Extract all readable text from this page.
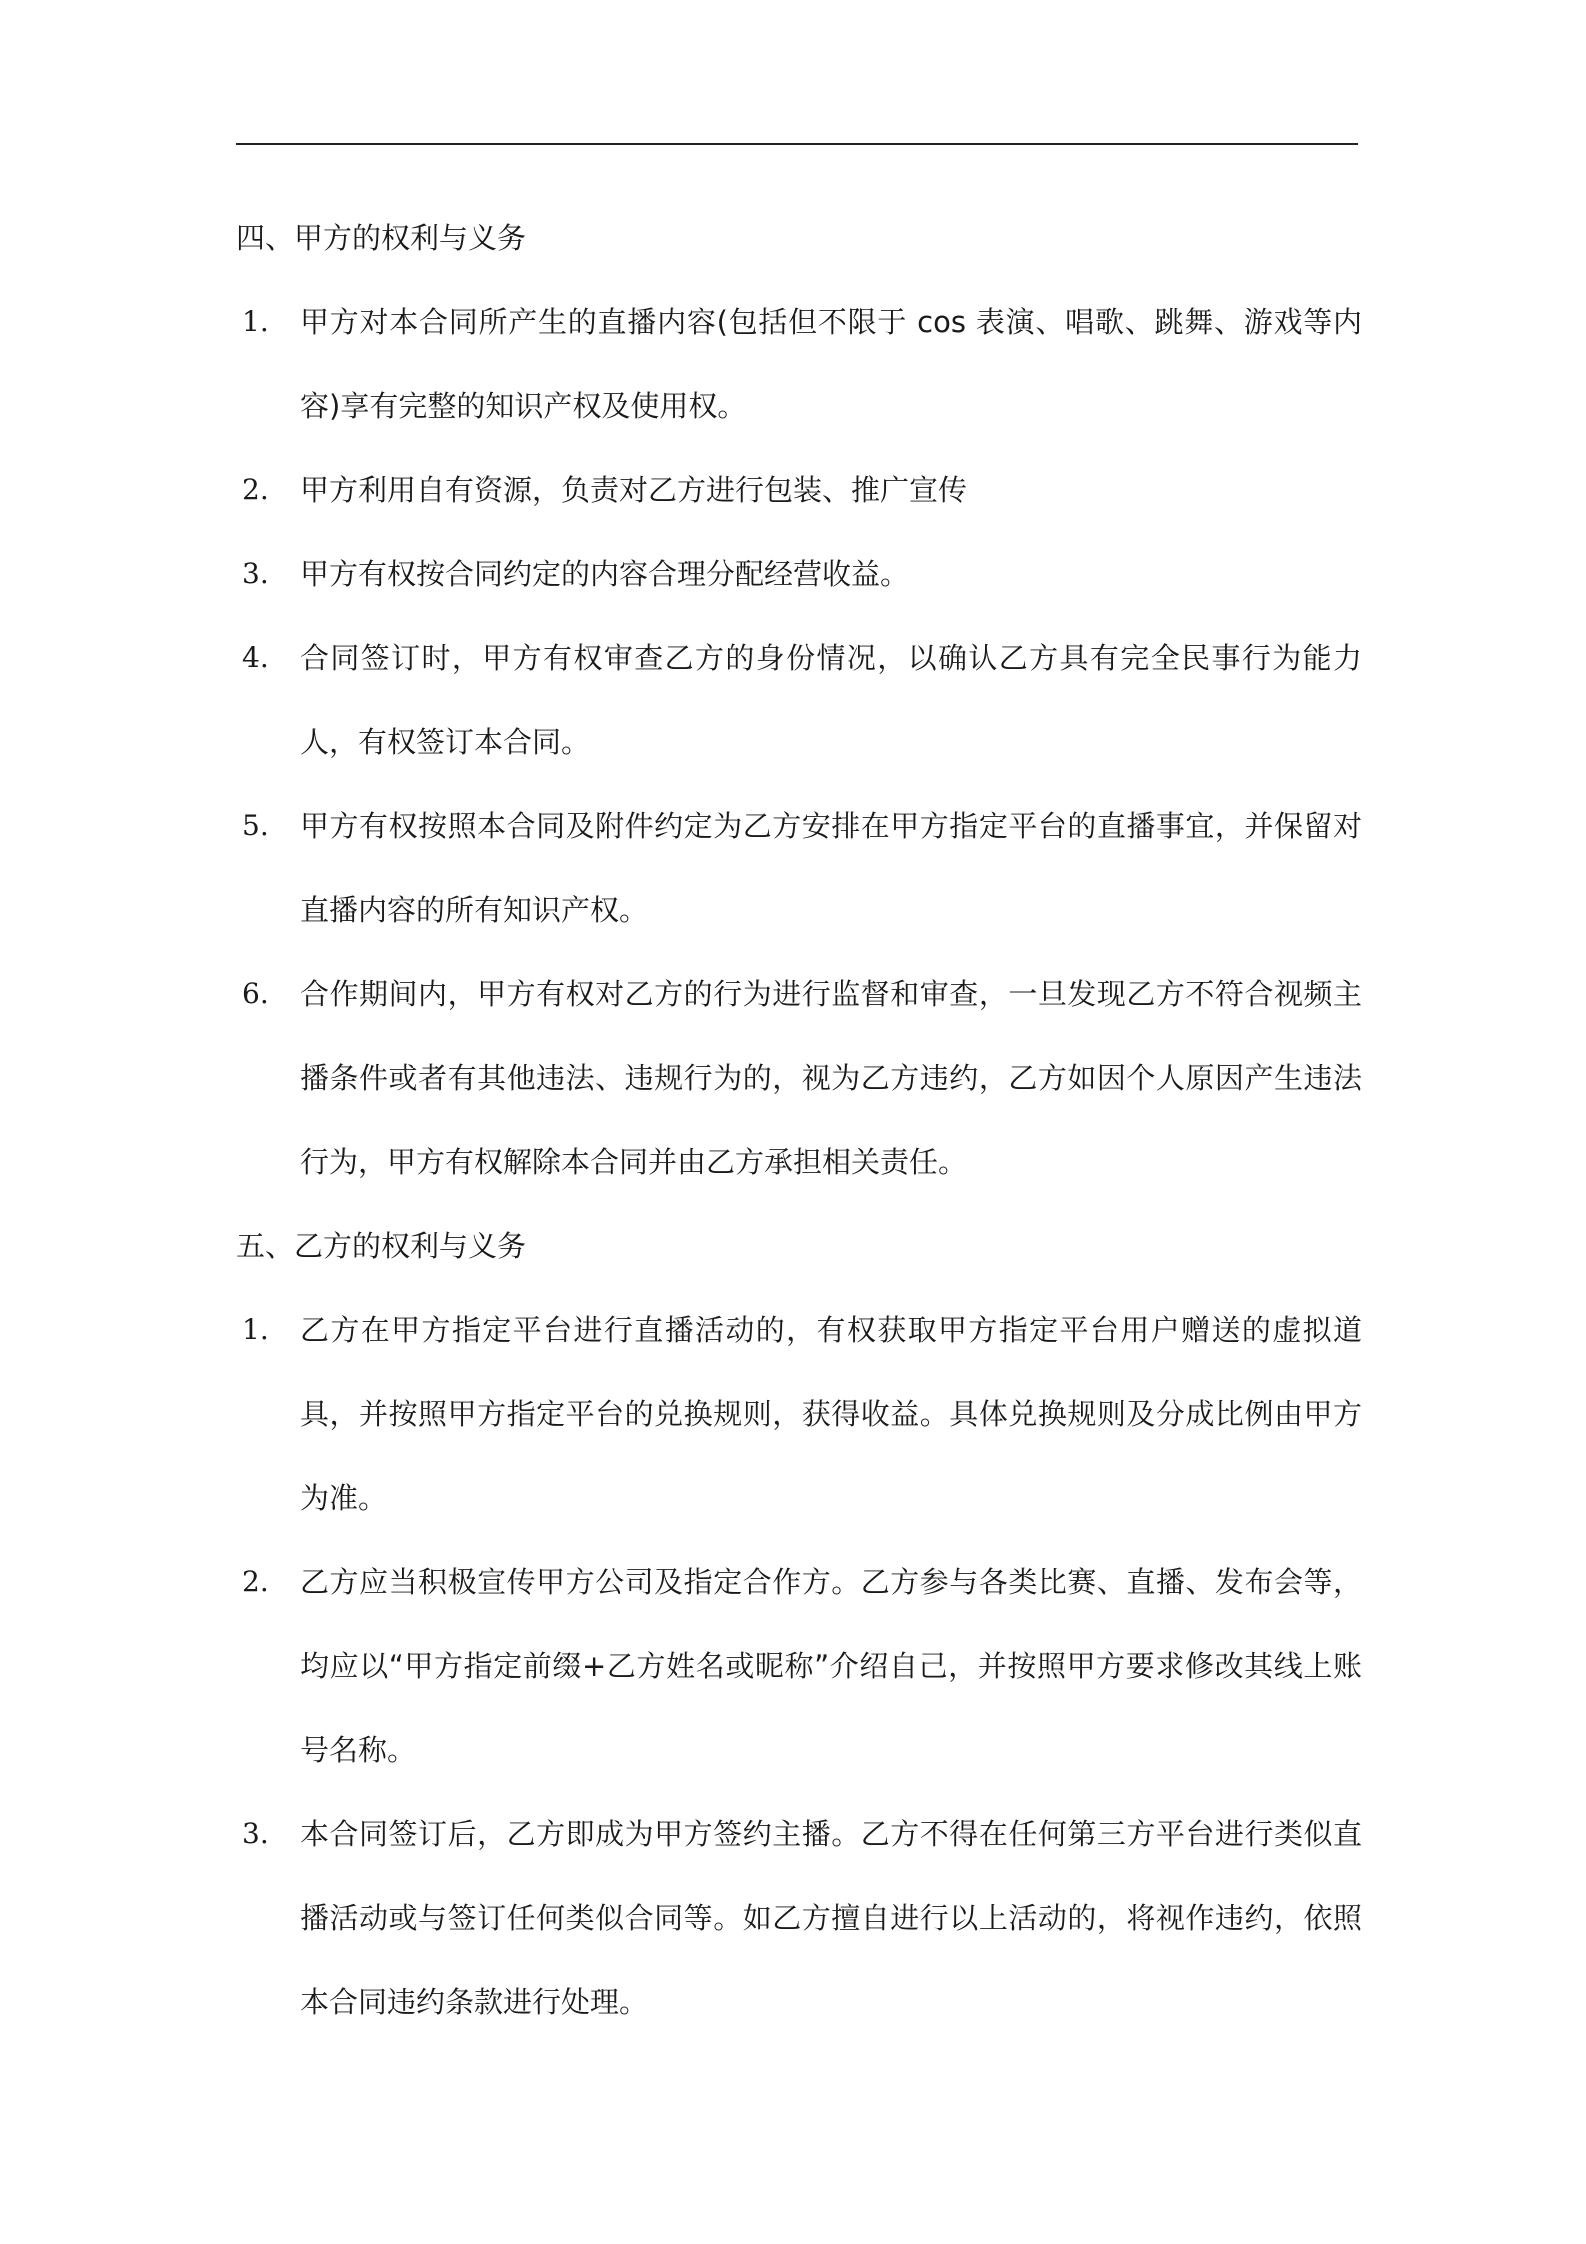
四、甲方的权利与义务
1. 甲方对本合同所产生的直播内容(包括但不限于 cos 表演、唱歌、跳舞、游戏等内容)享有完整的知识产权及使用权。
2. 甲方利用自有资源，负责对乙方进行包装、推广宣传
3. 甲方有权按合同约定的内容合理分配经营收益。
4. 合同签订时，甲方有权审查乙方的身份情况，以确认乙方具有完全民事行为能力人，有权签订本合同。
5. 甲方有权按照本合同及附件约定为乙方安排在甲方指定平台的直播事宜，并保留对直播内容的所有知识产权。
6. 合作期间内，甲方有权对乙方的行为进行监督和审查，一旦发现乙方不符合视频主播条件或者有其他违法、违规行为的，视为乙方违约，乙方如因个人原因产生违法行为，甲方有权解除本合同并由乙方承担相关责任。
五、乙方的权利与义务
1. 乙方在甲方指定平台进行直播活动的，有权获取甲方指定平台用户赠送的虚拟道具，并按照甲方指定平台的兑换规则，获得收益。具体兑换规则及分成比例由甲方为准。
2. 乙方应当积极宣传甲方公司及指定合作方。乙方参与各类比赛、直播、发布会等，均应以“甲方指定前缀+乙方姓名或昵称”介绍自己，并按照甲方要求修改其线上账号名称。
3. 本合同签订后，乙方即成为甲方签约主播。乙方不得在任何第三方平台进行类似直播活动或与签订任何类似合同等。如乙方擅自进行以上活动的，将视作违约，依照本合同违约条款进行处理。
